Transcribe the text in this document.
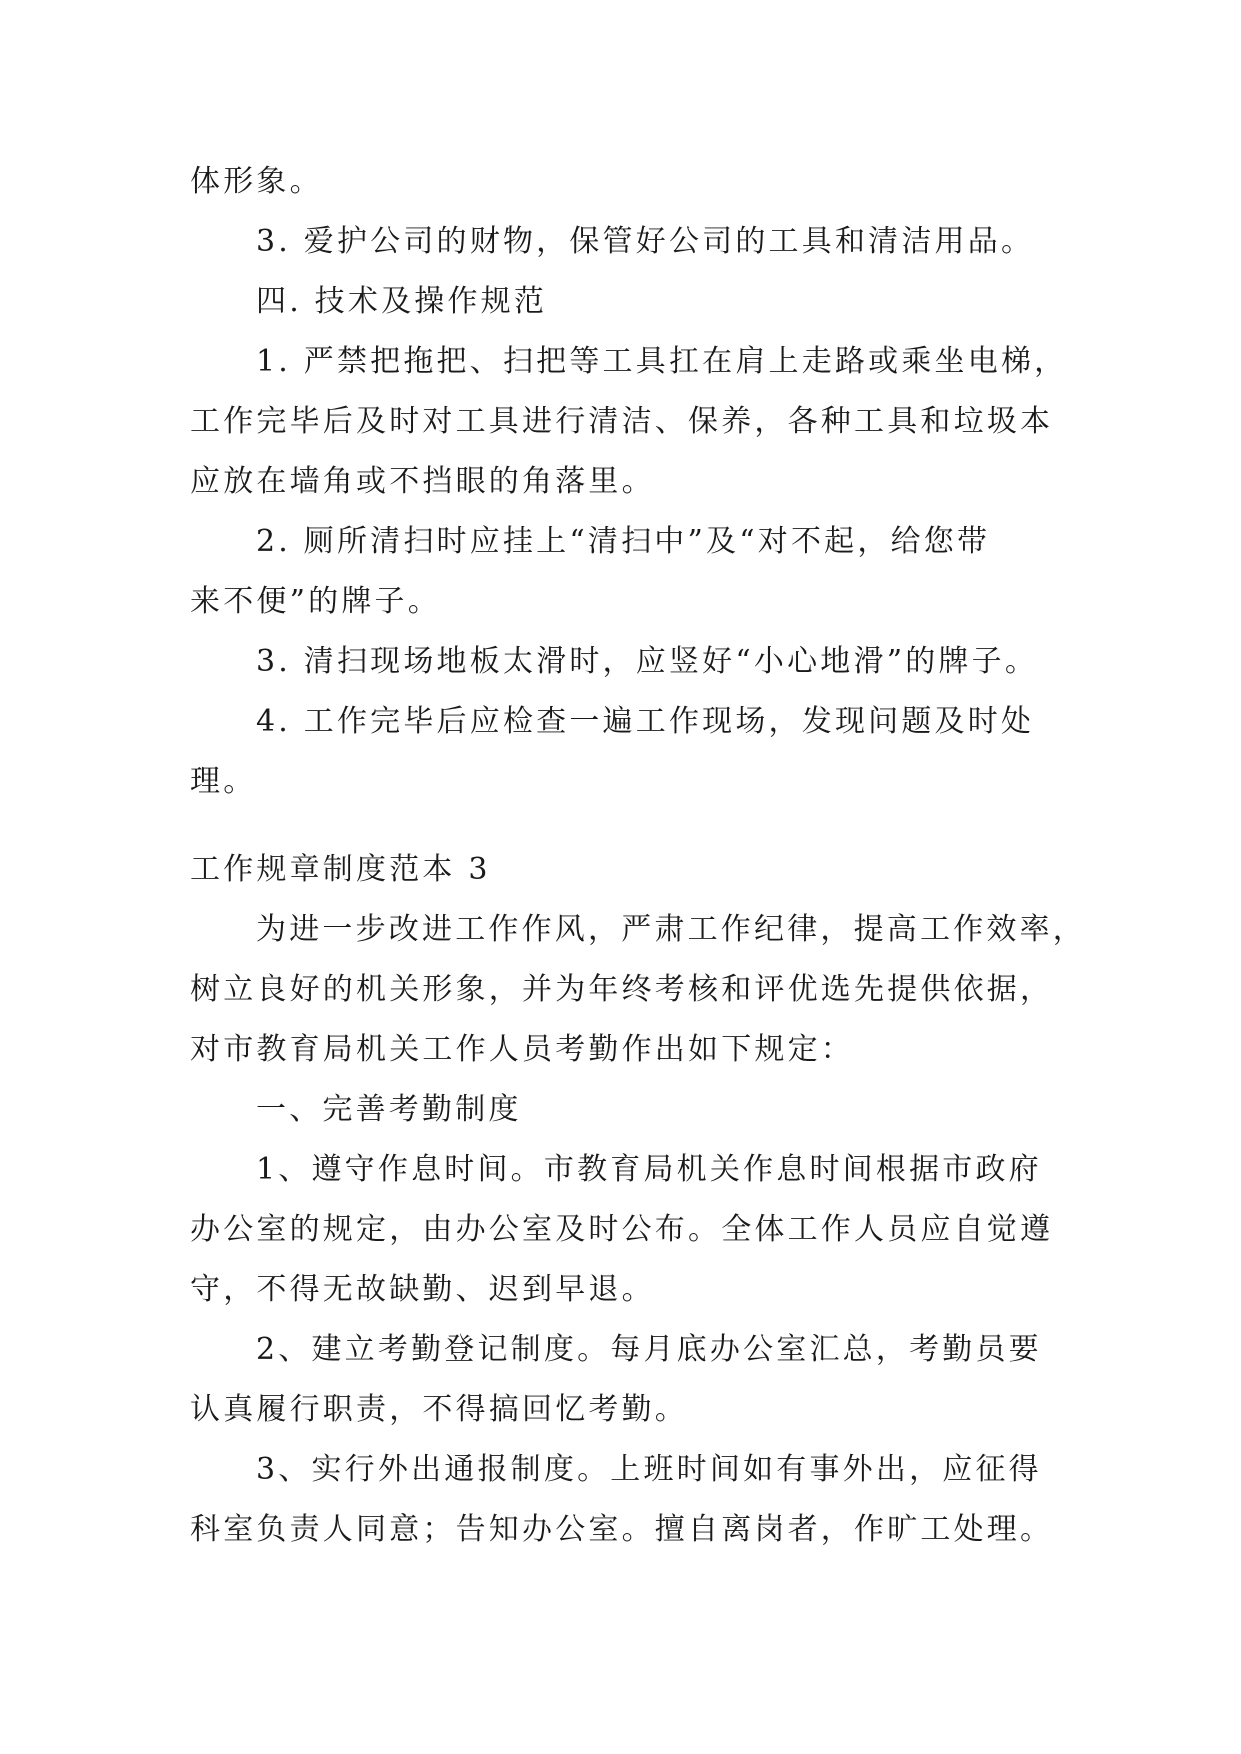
体形象。
3. 爱护公司的财物，保管好公司的工具和清洁用品。
四. 技术及操作规范
1. 严禁把拖把、扫把等工具扛在肩上走路或乘坐电梯，
工作完毕后及时对工具进行清洁、保养，各种工具和垃圾本
应放在墙角或不挡眼的角落里。
2. 厕所清扫时应挂上“清扫中”及“对不起，给您带
来不便”的牌子。
3. 清扫现场地板太滑时，应竖好“小心地滑”的牌子。
4. 工作完毕后应检查一遍工作现场，发现问题及时处
理。
工作规章制度范本 3
为进一步改进工作作风，严肃工作纪律，提高工作效率，
树立良好的机关形象，并为年终考核和评优选先提供依据，
对市教育局机关工作人员考勤作出如下规定：
一、完善考勤制度
1、遵守作息时间。市教育局机关作息时间根据市政府
办公室的规定，由办公室及时公布。全体工作人员应自觉遵
守，不得无故缺勤、迟到早退。
2、建立考勤登记制度。每月底办公室汇总，考勤员要
认真履行职责，不得搞回忆考勤。
3、实行外出通报制度。上班时间如有事外出，应征得
科室负责人同意；告知办公室。擅自离岗者，作旷工处理。
